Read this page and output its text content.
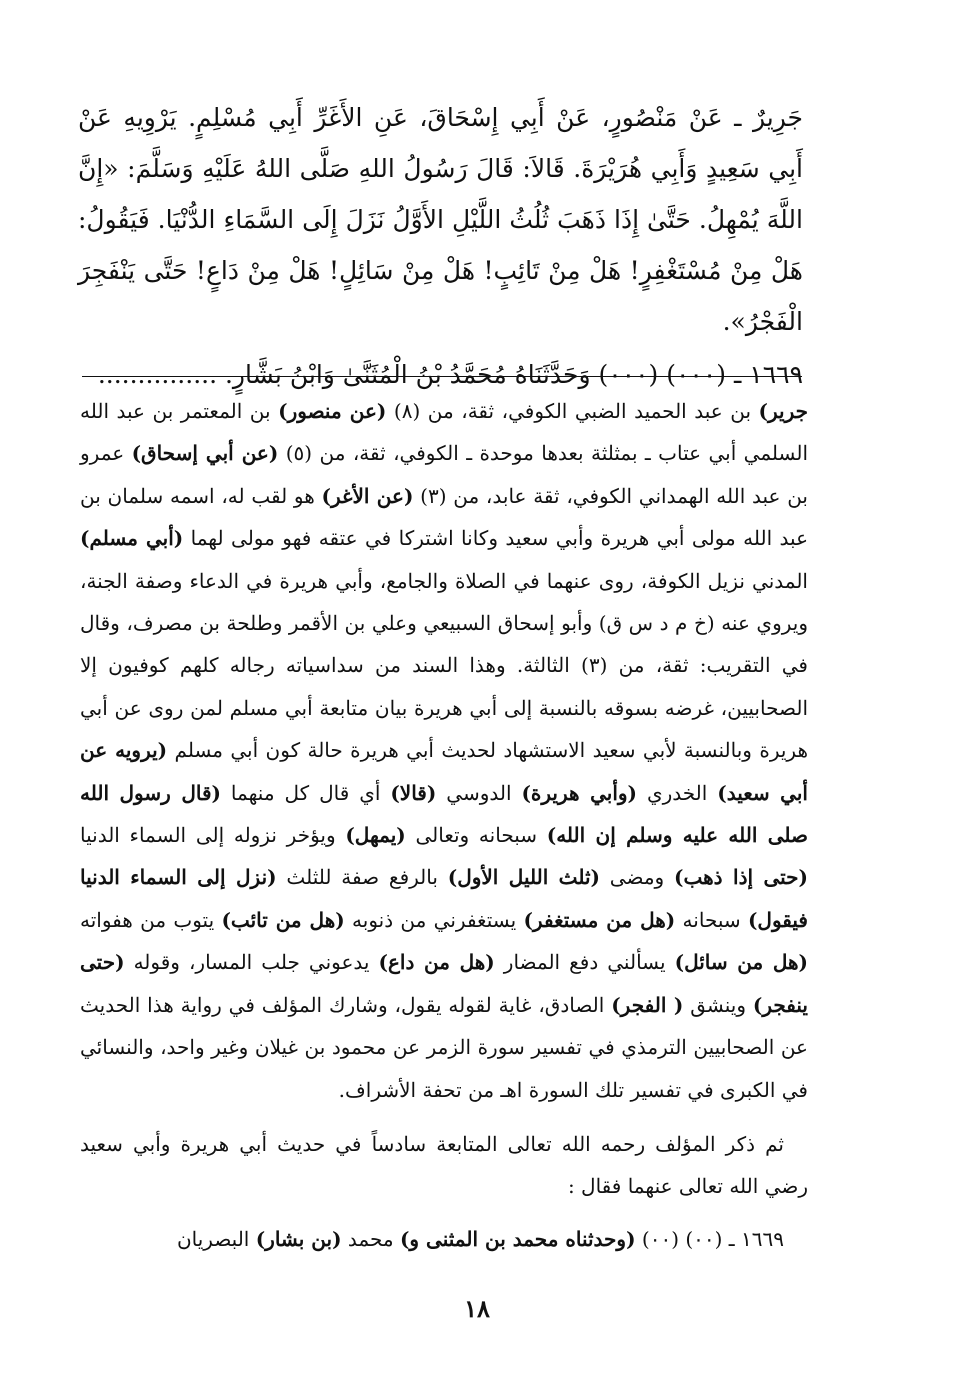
جَرِيرٌ ـ عَنْ مَنْصُورٍ، عَنْ أَبِي إِسْحَاقَ، عَنِ الأَغَرِّ أَبِي مُسْلِمٍ. يَرْوِيهِ عَنْ أَبِي سَعِيدٍ وَأَبِي هُرَيْرَةَ. قَالاَ: قَالَ رَسُولُ اللهِ صَلَّى اللهُ عَلَيْهِ وَسَلَّمَ: «إِنَّ اللَّهَ يُمْهِلُ. حَتَّىٰ إِذَا ذَهَبَ ثُلُثُ اللَّيْلِ الأَوَّلُ نَزَلَ إِلَى السَّمَاءِ الدُّنْيَا. فَيَقُولُ: هَلْ مِنْ مُسْتَغْفِرٍ! هَلْ مِنْ تَائِبٍ! هَلْ مِنْ سَائِلٍ! هَلْ مِنْ دَاعٍ! حَتَّى يَنْفَجِرَ الْفَجْرُ».

١٦٦٩ ـ (٠٠٠) (٠٠٠) وَحَدَّثَنَاهُ مُحَمَّدُ بْنُ الْمُثَنَّىٰ وَابْنُ بَشَّارٍ. ...............

جرير) بن عبد الحميد الضبي الكوفي، ثقة، من (٨) (عن منصور) بن المعتمر بن عبد الله السلمي أبي عتاب ـ بمثلثة بعدها موحدة ـ الكوفي، ثقة، من (٥) (عن أبي إسحاق) عمرو بن عبد الله الهمداني الكوفي، ثقة عابد، من (٣) (عن الأغر) هو لقب له، اسمه سلمان بن عبد الله مولى أبي هريرة وأبي سعيد وكانا اشتركا في عتقه فهو مولى لهما (أبي مسلم) المدني نزيل الكوفة، روى عنهما في الصلاة والجامع، وأبي هريرة في الدعاء وصفة الجنة، ويروي عنه (خ م د س ق) وأبو إسحاق السبيعي وعلي بن الأقمر وطلحة بن مصرف، وقال في التقريب: ثقة، من (٣) الثالثة. وهذا السند من سداسياته رجاله كلهم كوفيون إلا الصحابيين، غرضه بسوقه بالنسبة إلى أبي هريرة بيان متابعة أبي مسلم لمن روى عن أبي هريرة وبالنسبة لأبي سعيد الاستشهاد لحديث أبي هريرة حالة كون أبي مسلم (يرويه عن أبي سعيد) الخدري (وأبي هريرة) الدوسي (قالا) أي قال كل منهما (قال رسول الله صلى الله عليه وسلم إن الله) سبحانه وتعالى (يمهل) ويؤخر نزوله إلى السماء الدنيا (حتى إذا ذهب) ومضى (ثلث الليل الأول) بالرفع صفة للثلث (نزل إلى السماء الدنيا فيقول) سبحانه (هل من مستغفر) يستغفرني من ذنوبه (هل من تائب) يتوب من هفواته (هل من سائل) يسألني دفع المضار (هل من داع) يدعوني جلب المسار، وقوله (حتى ينفجر) وينشق ( الفجر) الصادق، غاية لقوله يقول، وشارك المؤلف في رواية هذا الحديث عن الصحابيين الترمذي في تفسير سورة الزمر عن محمود بن غيلان وغير واحد، والنسائي في الكبرى في تفسير تلك السورة اهـ من تحفة الأشراف.

ثم ذكر المؤلف رحمه الله تعالى المتابعة سادساً في حديث أبي هريرة وأبي سعيد رضي الله تعالى عنهما فقال :

١٦٦٩ ـ (٠٠) (٠٠) (وحدثناه محمد بن المثنى و) محمد (بن بشار) البصريان

١٨
